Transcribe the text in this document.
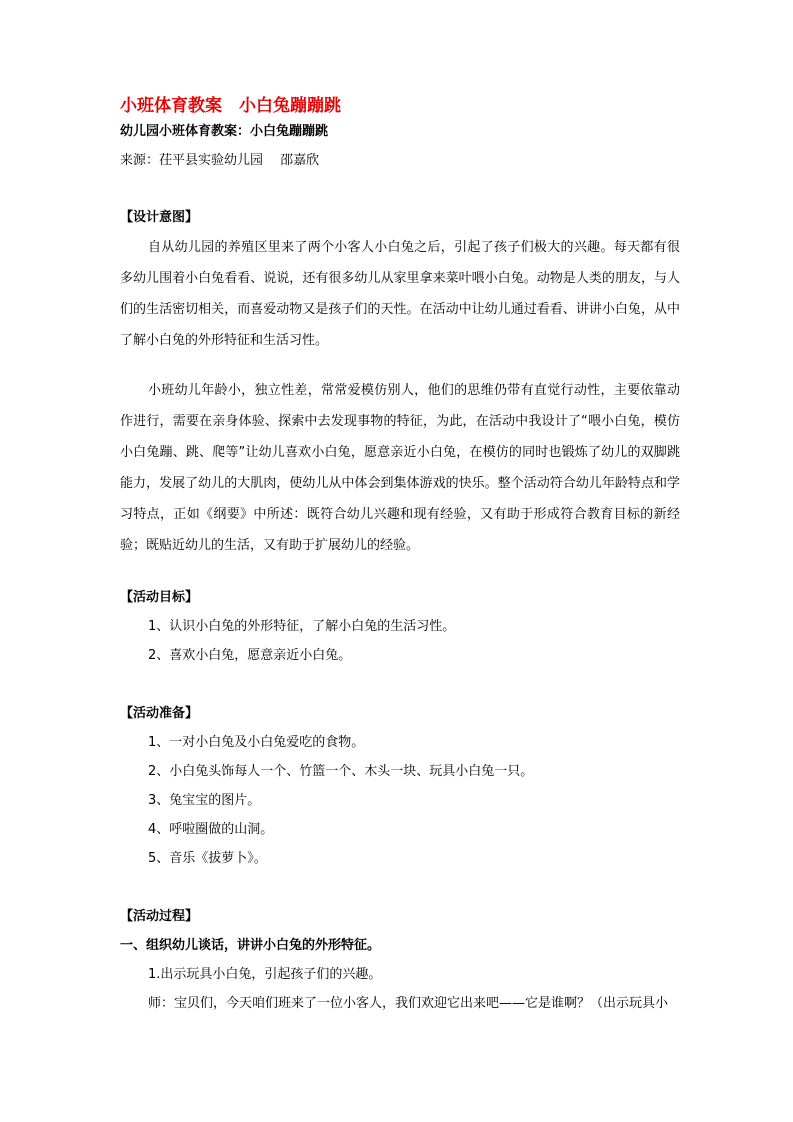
小班体育教案　小白兔蹦蹦跳
幼儿园小班体育教案：小白兔蹦蹦跳
来源：茌平县实验幼儿园　 邵嘉欣
【设计意图】
自从幼儿园的养殖区里来了两个小客人小白兔之后，引起了孩子们极大的兴趣。每天都有很多幼儿围着小白兔看看、说说，还有很多幼儿从家里拿来菜叶喂小白兔。动物是人类的朋友，与人们的生活密切相关，而喜爱动物又是孩子们的天性。在活动中让幼儿通过看看、讲讲小白兔，从中了解小白兔的外形特征和生活习性。
小班幼儿年龄小，独立性差，常常爱模仿别人，他们的思维仍带有直觉行动性，主要依靠动作进行，需要在亲身体验、探索中去发现事物的特征，为此，在活动中我设计了“喂小白兔，模仿小白兔蹦、跳、爬等”让幼儿喜欢小白兔，愿意亲近小白兔，在模仿的同时也锻炼了幼儿的双脚跳能力，发展了幼儿的大肌肉，使幼儿从中体会到集体游戏的快乐。整个活动符合幼儿年龄特点和学习特点，正如《纲要》中所述：既符合幼儿兴趣和现有经验，又有助于形成符合教育目标的新经验；既贴近幼儿的生活，又有助于扩展幼儿的经验。
【活动目标】
1、认识小白兔的外形特征，了解小白兔的生活习性。
2、喜欢小白兔，愿意亲近小白兔。
【活动准备】
1、一对小白兔及小白兔爱吃的食物。
2、小白兔头饰每人一个、竹篮一个、木头一块、玩具小白兔一只。
3、兔宝宝的图片。
4、呼啦圈做的山洞。
5、音乐《拔萝卜》。
【活动过程】
一、组织幼儿谈话，讲讲小白兔的外形特征。
1.出示玩具小白兔，引起孩子们的兴趣。
师：宝贝们，今天咱们班来了一位小客人，我们欢迎它出来吧——它是谁啊？（出示玩具小
